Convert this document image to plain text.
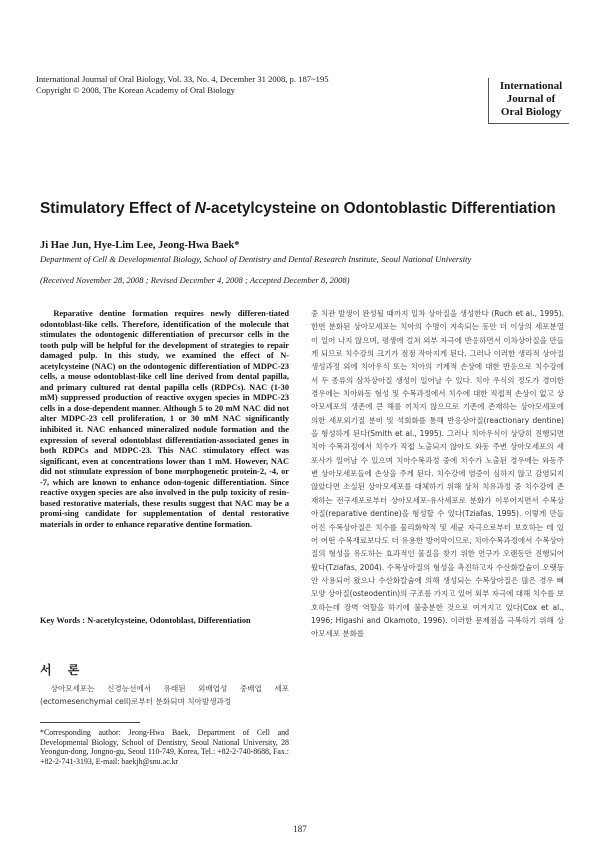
International Journal of Oral Biology, Vol. 33, No. 4, December 31 2008, p. 187~195
Copyright © 2008, The Korean Academy of Oral Biology	International
Journal of
Oral Biology
Stimulatory Effect of N-acetylcysteine on Odontoblastic Differentiation
Ji Hae Jun, Hye-Lim Lee, Jeong-Hwa Baek*
Department of Cell & Developmental Biology, School of Dentistry and Dental Research Institute, Seoul National University
(Received November 28, 2008 ; Revised December 4, 2008 ; Accepted December 8, 2008)
Reparative dentine formation requires newly differen-tiated odontoblast-like cells. Therefore, identification of the molecule that stimulates the odontogenic differentiation of precursor cells in the tooth pulp will be helpful for the development of strategies to repair damaged pulp. In this study, we examined the effect of N-acetylcysteine (NAC) on the odontogenic differentiation of MDPC-23 cells, a mouse odontoblast-like cell line derived from dental papilla, and primary cultured rat dental papilla cells (RDPCs). NAC (1-30 mM) suppressed production of reactive oxygen species in MDPC-23 cells in a dose-dependent manner. Although 5 to 20 mM NAC did not alter MDPC-23 cell proliferation, 1 or 30 mM NAC significantly inhibited it. NAC enhanced mineralized nodule formation and the expression of several odontoblast differentiation-associated genes in both RDPCs and MDPC-23. This NAC stimulatory effect was significant, even at concentrations lower than 1 mM. However, NAC did not stimulate expression of bone morphogenetic protein-2, -4, or -7, which are known to enhance odon-togenic differentiation. Since reactive oxygen species are also involved in the pulp toxicity of resin-based restorative materials, these results suggest that NAC may be a promi-sing candidate for supplementation of dental restorative materials in order to enhance reparative dentine formation.
Key Words : N-acetylcysteine, Odontoblast, Differentiation
서 론
상아모세포는 신경능선에서 유래된 외배엽성 중배엽 세포(ectomesenchymal cell)로부터 분화되며 치아발생과정
*Corresponding author: Jeong-Hwa Baek, Department of Cell and Developmental Biology, School of Dentistry, Seoul National University, 28 Yeongun-dong, Jongno-gu, Seoul 110-749, Korea, Tel.: +82-2-740-8688, Fax.: +82-2-741-3193, E-mail: baekjh@snu.ac.kr
중 치관 발생이 완성될 때까지 일차 상아질을 생성한다 (Ruch et al., 1995). 한번 분화된 상아모세포는 치아의 수명이 지속되는 동안 더 이상의 세포분열이 일어 나지 않으며, 평생에 걸쳐 외부 자극에 반응하면서 이차상아질을 만들게 되므로 치수강의 크기가 점점 작아지게 된다. 그러나 이러한 생리적 상아질 생성과정 외에 치아우식 또는 치아의 기계적 손상에 대한 반응으로 치수강에서 두 종류의 삼차상아질 생성이 일어날 수 있다. 치아 우식의 정도가 경미한 경우에는 치아와동 형성 및 수복과정에서 치수에 대한 직접적 손상이 없고 상아모세포의 생존에 큰 해를 끼치지 않으므로 기존에 존재하는 상아모세포에 의한 세포외기질 분비 및 석회화를 통해 반응상아질(reactionary dentine)을 형성하게 된다(Smith et al., 1995). 그러나 치아우식이 상당히 진행되면 치아 수복과정에서 치수가 직접 노출되지 않아도 와동 주변 상아모세포의 세포사가 일어날 수 있으며 치아수복과정 중에 치수가 노출된 경우에는 와동주변 상아모세포들에 손상을 주게 된다. 치수강에 염증이 심하지 않고 감염되지 않았다면 소실된 상아모세포를 대체하기 위해 상처 치유과정 중 치수강에 존재하는 전구세포로부터 상아모세포-유사세포로 분화가 이루어지면서 수복상아질(reparative dentine)을 형성할 수 있다(Tziafas, 1995). 이렇게 만들어진 수복상아질은 치수를 물리화학적 및 세균 자극으로부터 보호하는 데 있어 어떤 수복재료보다도 더 유용한 방어막이므로, 치아수복과정에서 수복상아질의 형성을 유도하는 효과적인 물질을 찾기 위한 연구가 오랜동안 진행되어 왔다(Tziafas, 2004). 수복상아질의 형성을 촉진하고자 수산화칼슘이 오랫동안 사용되어 왔으나 수산화칼슘에 의해 생성되는 수복상아질은 많은 경우 뼈모양 상아질(osteodentin)의 구조를 가지고 있어 외부 자극에 대해 치수를 보호하는데 장벽 역할을 하기에 불충분한 것으로 여겨지고 있다(Cox et al., 1996; Higashi and Okamoto, 1996). 이러한 문제점을 극복하기 위해 상아모세포 분화를
187
